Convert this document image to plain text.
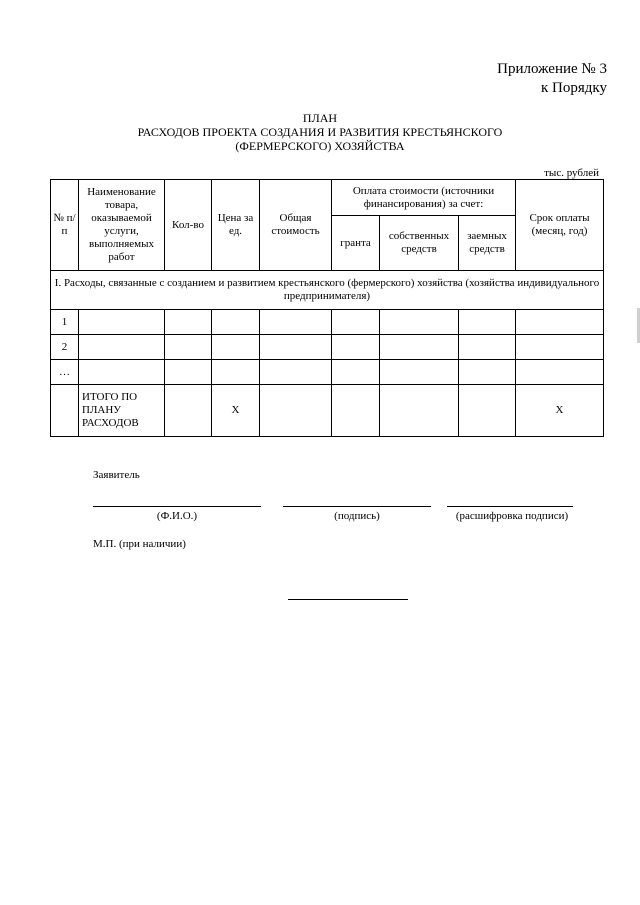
Приложение № 3
к Порядку
ПЛАН
РАСХОДОВ ПРОЕКТА СОЗДАНИЯ И РАЗВИТИЯ КРЕСТЬЯНСКОГО
(ФЕРМЕРСКОГО) ХОЗЯЙСТВА
тыс. рублей
№ п/п	Наименование товара, оказываемой услуги, выполняемых работ	Кол-во	Цена за ед.	Общая стоимость	Оплата стоимости (источники финансирования) за счет:			Срок оплаты (месяц, год)
					гранта	собственных средств	заемных средств	
I. Расходы, связанные с созданием и развитием крестьянского (фермерского) хозяйства (хозяйства индивидуального предпринимателя)								
1								
2								
…								
	ИТОГО ПО ПЛАНУ РАСХОДОВ		Х					Х
Заявитель
(Ф.И.О.)	(подпись)	(расшифровка подписи)
М.П. (при наличии)
